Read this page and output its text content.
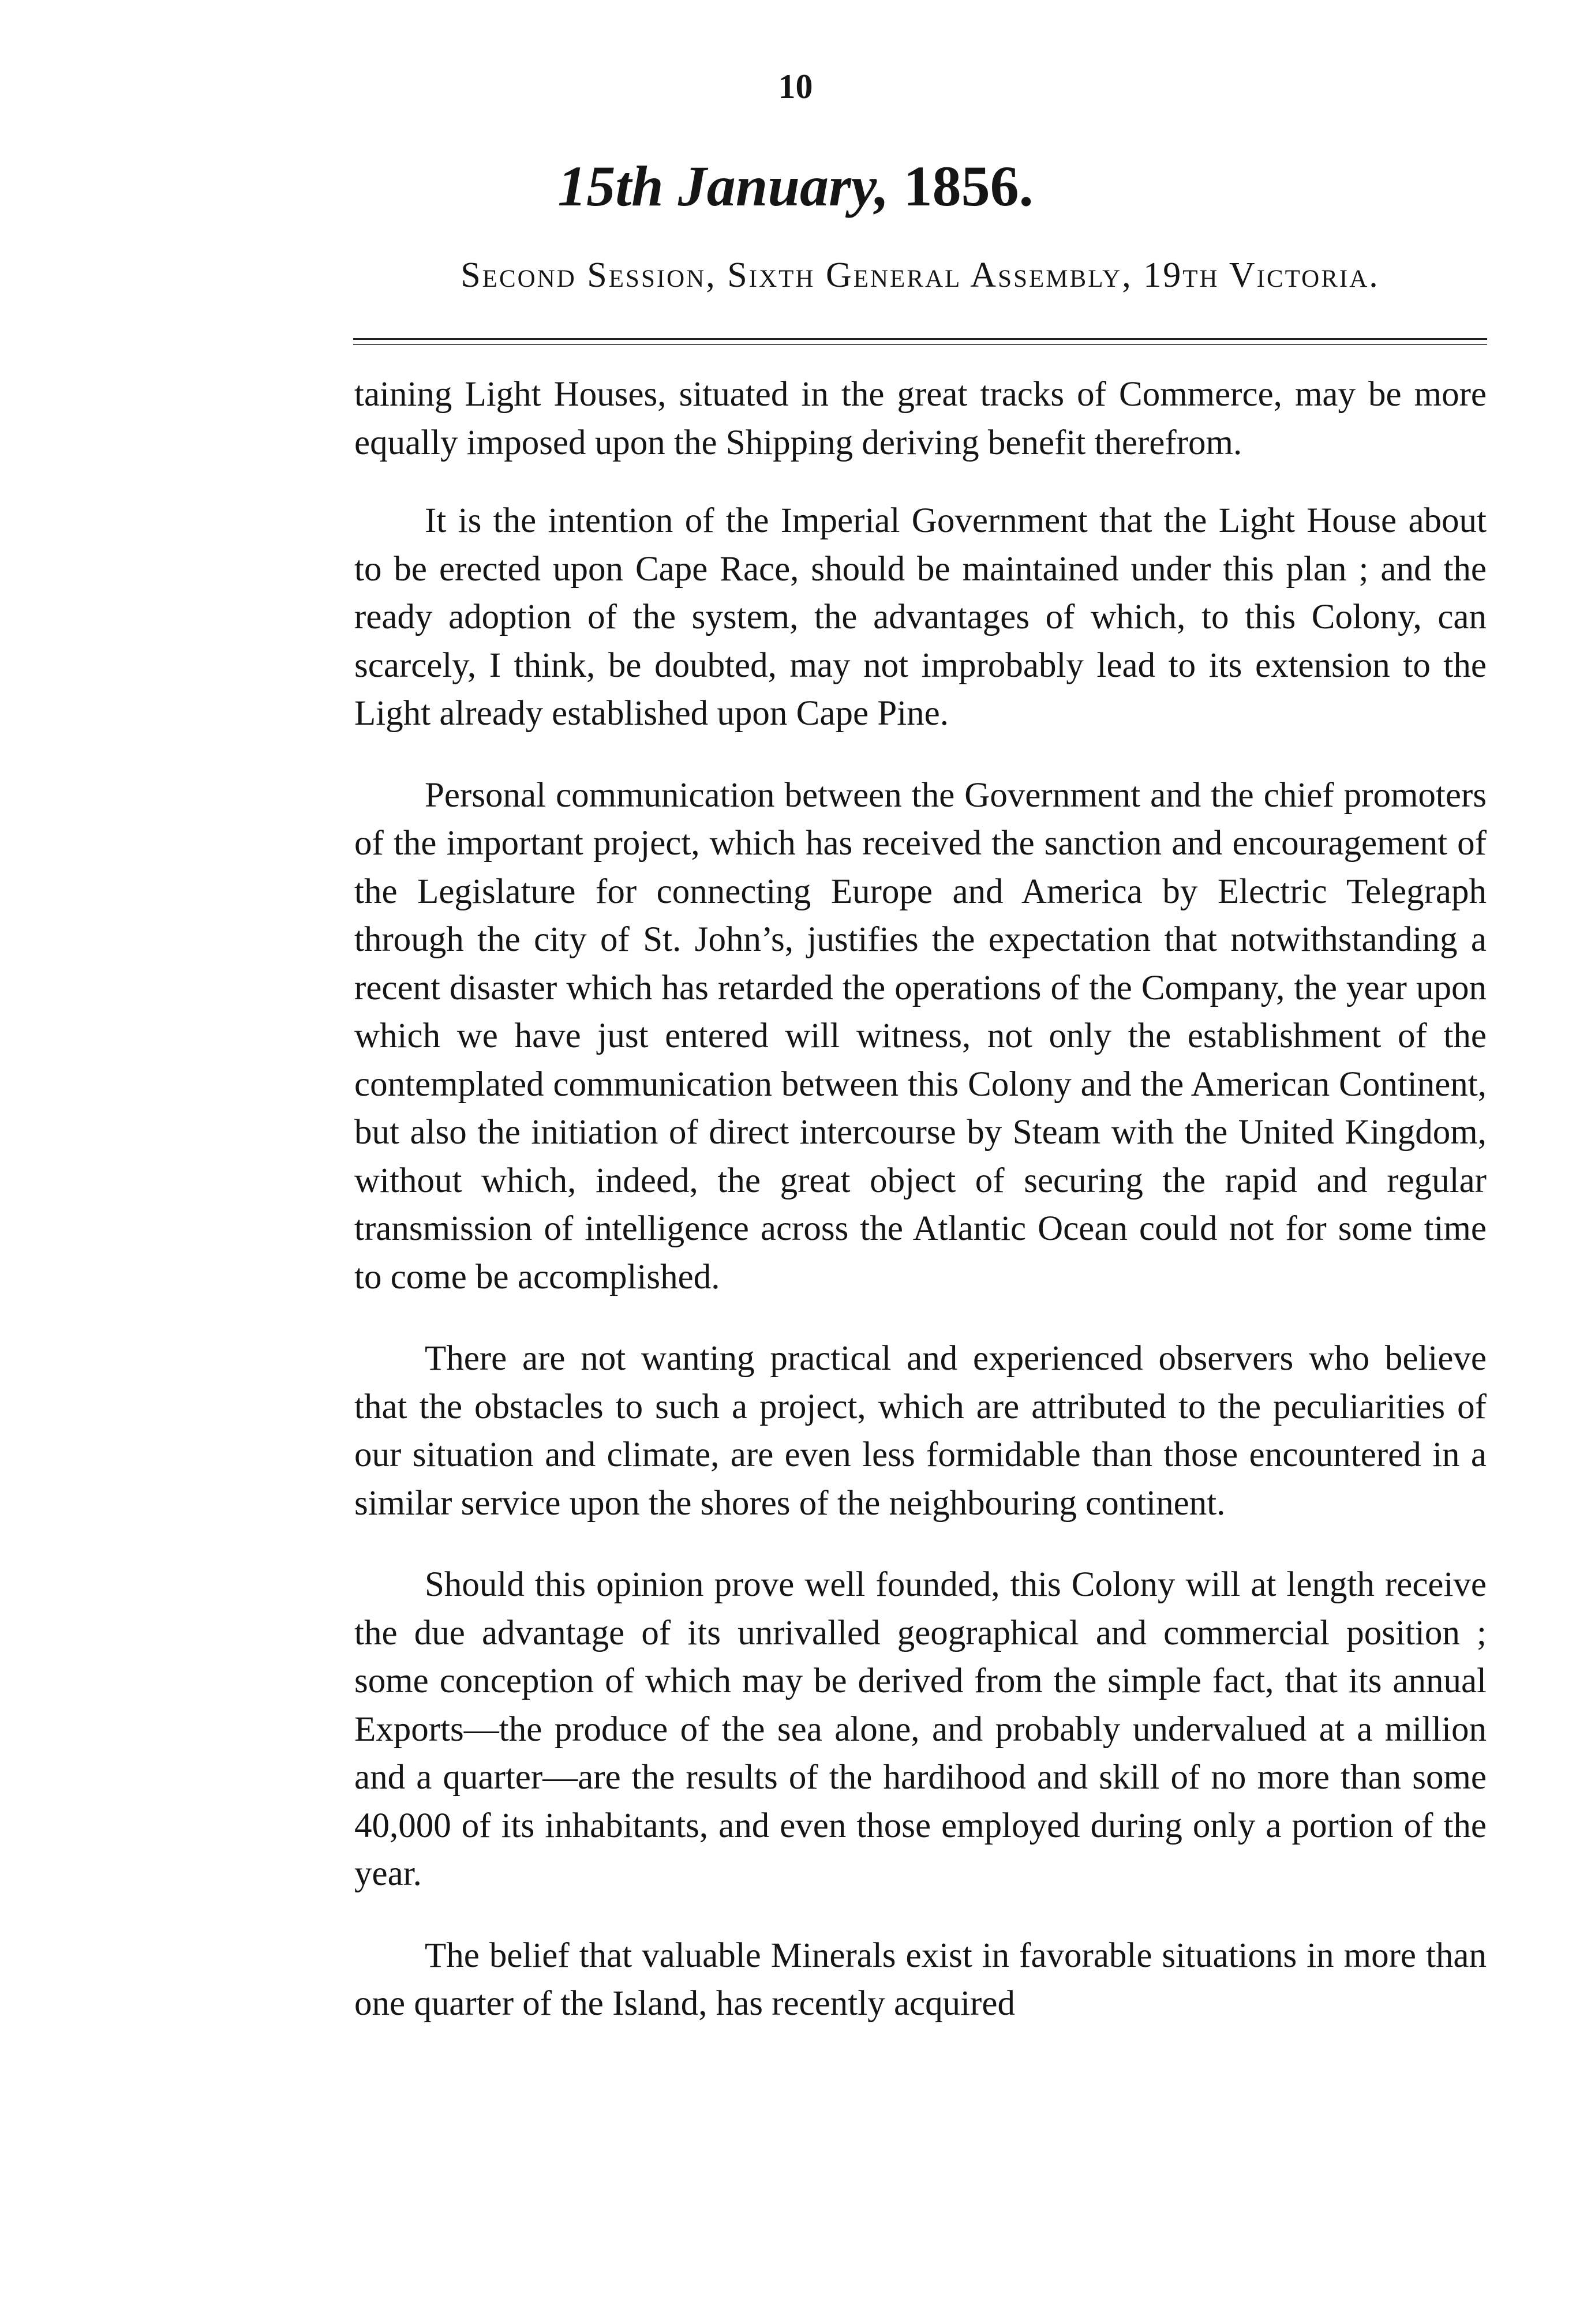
10
15th January, 1856.
Second Session, Sixth General Assembly, 19th Victoria.

taining Light Houses, situated in the great tracks of Commerce, may be more equally imposed upon the Shipping deriving benefit therefrom.

It is the intention of the Imperial Government that the Light House about to be erected upon Cape Race, should be maintained under this plan ; and the ready adoption of the system, the advantages of which, to this Colony, can scarcely, I think, be doubted, may not improbably lead to its extension to the Light already established upon Cape Pine.

Personal communication between the Government and the chief promoters of the important project, which has received the sanction and encouragement of the Legislature for connecting Europe and America by Electric Telegraph through the city of St. John’s, justifies the expectation that notwithstanding a recent disaster which has retarded the operations of the Company, the year upon which we have just entered will witness, not only the establishment of the contemplated communication between this Colony and the American Continent, but also the initiation of direct intercourse by Steam with the United Kingdom, without which, indeed, the great object of securing the rapid and regular transmission of intelligence across the Atlantic Ocean could not for some time to come be accomplished.

There are not wanting practical and experienced observers who believe that the obstacles to such a project, which are attributed to the peculiarities of our situation and climate, are even less formidable than those encountered in a similar service upon the shores of the neighbouring continent.

Should this opinion prove well founded, this Colony will at length receive the due advantage of its unrivalled geographical and commercial position ; some conception of which may be derived from the simple fact, that its annual Exports—the produce of the sea alone, and probably undervalued at a million and a quarter—are the results of the hardihood and skill of no more than some 40,000 of its inhabitants, and even those employed during only a portion of the year.

The belief that valuable Minerals exist in favorable situations in more than one quarter of the Island, has recently acquired
